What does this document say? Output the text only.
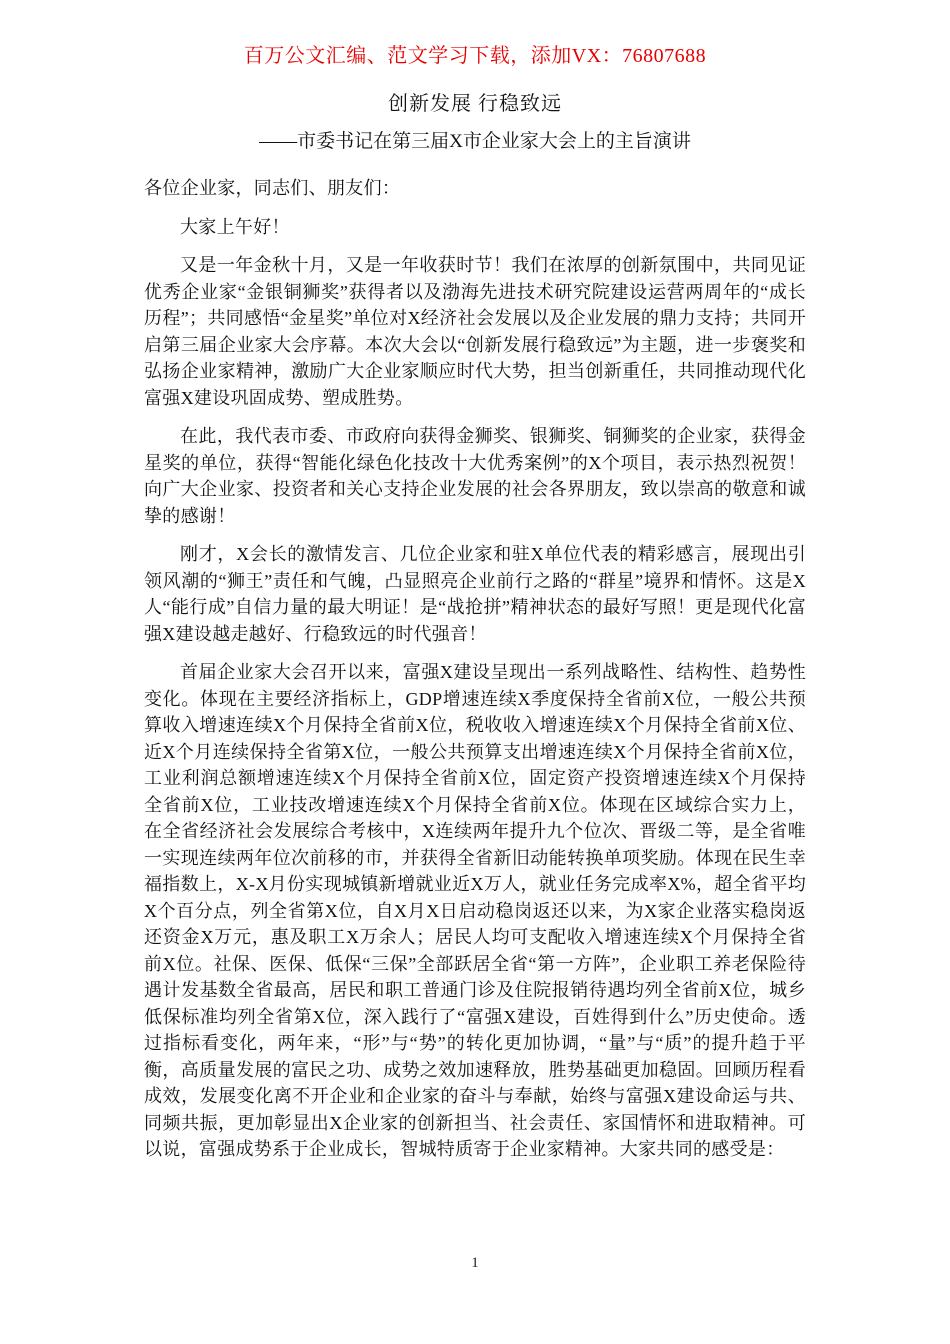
百万公文汇编、范文学习下载，添加VX：76807688
创新发展 行稳致远
——市委书记在第三届X市企业家大会上的主旨演讲

各位企业家，同志们、朋友们：

大家上午好！

又是一年金秋十月，又是一年收获时节！我们在浓厚的创新氛围中，共同见证优秀企业家“金银铜狮奖”获得者以及渤海先进技术研究院建设运营两周年的“成长历程”；共同感悟“金星奖”单位对X经济社会发展以及企业发展的鼎力支持；共同开启第三届企业家大会序幕。本次大会以“创新发展行稳致远”为主题，进一步褒奖和弘扬企业家精神，激励广大企业家顺应时代大势，担当创新重任，共同推动现代化富强X建设巩固成势、塑成胜势。

在此，我代表市委、市政府向获得金狮奖、银狮奖、铜狮奖的企业家，获得金星奖的单位，获得“智能化绿色化技改十大优秀案例”的X个项目，表示热烈祝贺！向广大企业家、投资者和关心支持企业发展的社会各界朋友，致以崇高的敬意和诚挚的感谢！

刚才，X会长的激情发言、几位企业家和驻X单位代表的精彩感言，展现出引领风潮的“狮王”责任和气魄，凸显照亮企业前行之路的“群星”境界和情怀。这是X人“能行成”自信力量的最大明证！是“战抢拼”精神状态的最好写照！更是现代化富强X建设越走越好、行稳致远的时代强音！

首届企业家大会召开以来，富强X建设呈现出一系列战略性、结构性、趋势性变化。体现在主要经济指标上，GDP增速连续X季度保持全省前X位，一般公共预算收入增速连续X个月保持全省前X位，税收收入增速连续X个月保持全省前X位、近X个月连续保持全省第X位，一般公共预算支出增速连续X个月保持全省前X位，工业利润总额增速连续X个月保持全省前X位，固定资产投资增速连续X个月保持全省前X位，工业技改增速连续X个月保持全省前X位。体现在区域综合实力上，在全省经济社会发展综合考核中，X连续两年提升九个位次、晋级二等，是全省唯一实现连续两年位次前移的市，并获得全省新旧动能转换单项奖励。体现在民生幸福指数上，X-X月份实现城镇新增就业近X万人，就业任务完成率X%，超全省平均X个百分点，列全省第X位，自X月X日启动稳岗返还以来，为X家企业落实稳岗返还资金X万元，惠及职工X万余人；居民人均可支配收入增速连续X个月保持全省前X位。社保、医保、低保“三保”全部跃居全省“第一方阵”，企业职工养老保险待遇计发基数全省最高，居民和职工普通门诊及住院报销待遇均列全省前X位，城乡低保标准均列全省第X位，深入践行了“富强X建设，百姓得到什么”历史使命。透过指标看变化，两年来，“形”与“势”的转化更加协调，“量”与“质”的提升趋于平衡，高质量发展的富民之功、成势之效加速释放，胜势基础更加稳固。回顾历程看成效，发展变化离不开企业和企业家的奋斗与奉献，始终与富强X建设命运与共、同频共振，更加彰显出X企业家的创新担当、社会责任、家国情怀和进取精神。可以说，富强成势系于企业成长，智城特质寄于企业家精神。大家共同的感受是：

1
